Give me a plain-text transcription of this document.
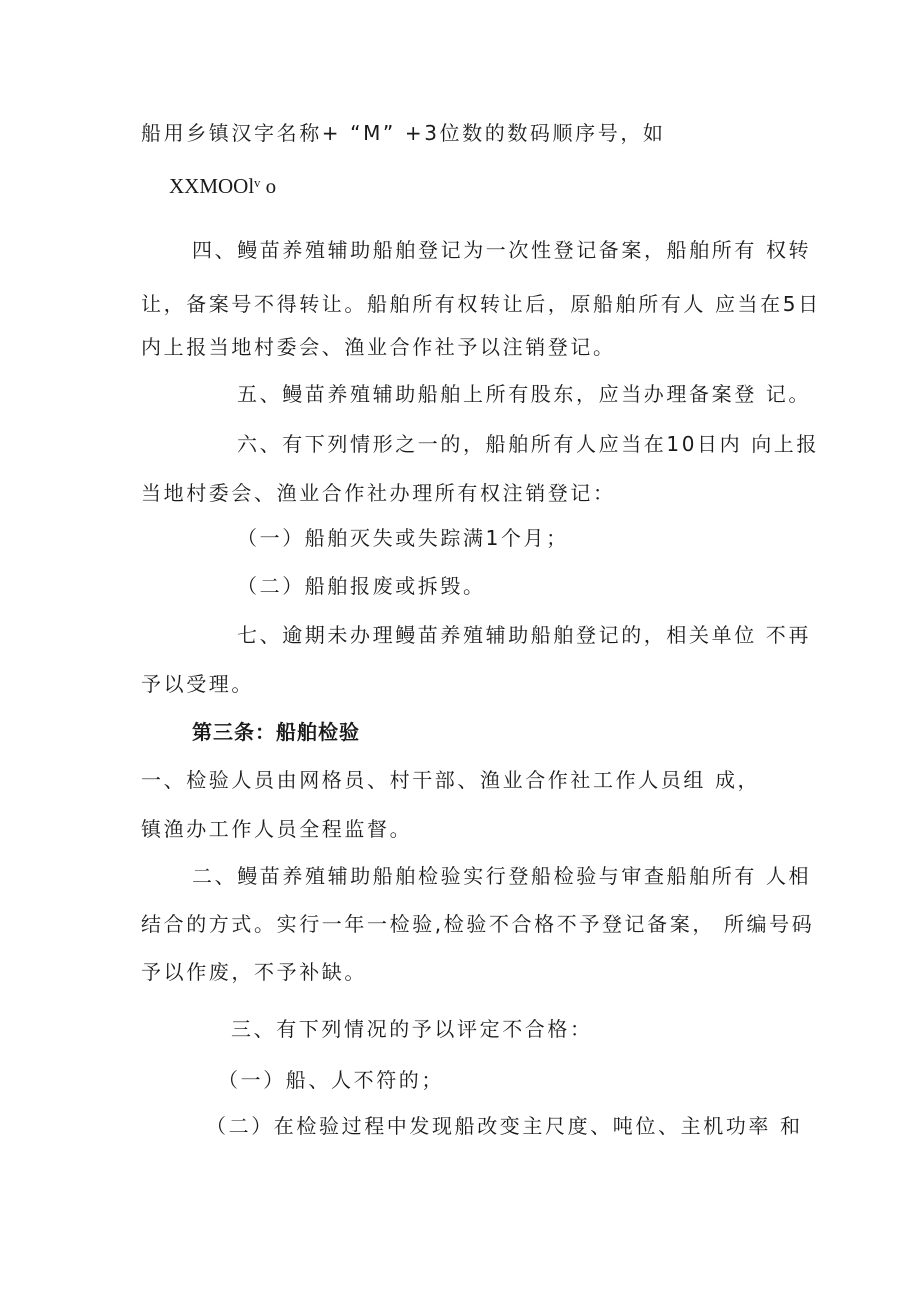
船用乡镇汉字名称+ “M” +3位数的数码顺序号，如
XXMOOlᵛ o
四、鳗苗养殖辅助船舶登记为一次性登记备案，船舶所有 权转
让，备案号不得转让。船舶所有权转让后，原船舶所有人 应当在5日
内上报当地村委会、渔业合作社予以注销登记。
五、鳗苗养殖辅助船舶上所有股东，应当办理备案登 记。
六、有下列情形之一的，船舶所有人应当在10日内 向上报
当地村委会、渔业合作社办理所有权注销登记：
（一）船舶灭失或失踪满1个月；
（二）船舶报废或拆毁。
七、逾期未办理鳗苗养殖辅助船舶登记的，相关单位 不再
予以受理。
第三条：船舶检验
一、检验人员由网格员、村干部、渔业合作社工作人员组 成，
镇渔办工作人员全程监督。
二、鳗苗养殖辅助船舶检验实行登船检验与审查船舶所有 人相
结合的方式。实行一年一检验,检验不合格不予登记备案， 所编号码
予以作废，不予补缺。
三、有下列情况的予以评定不合格：
（一）船、人不符的；
（二）在检验过程中发现船改变主尺度、吨位、主机功率 和
